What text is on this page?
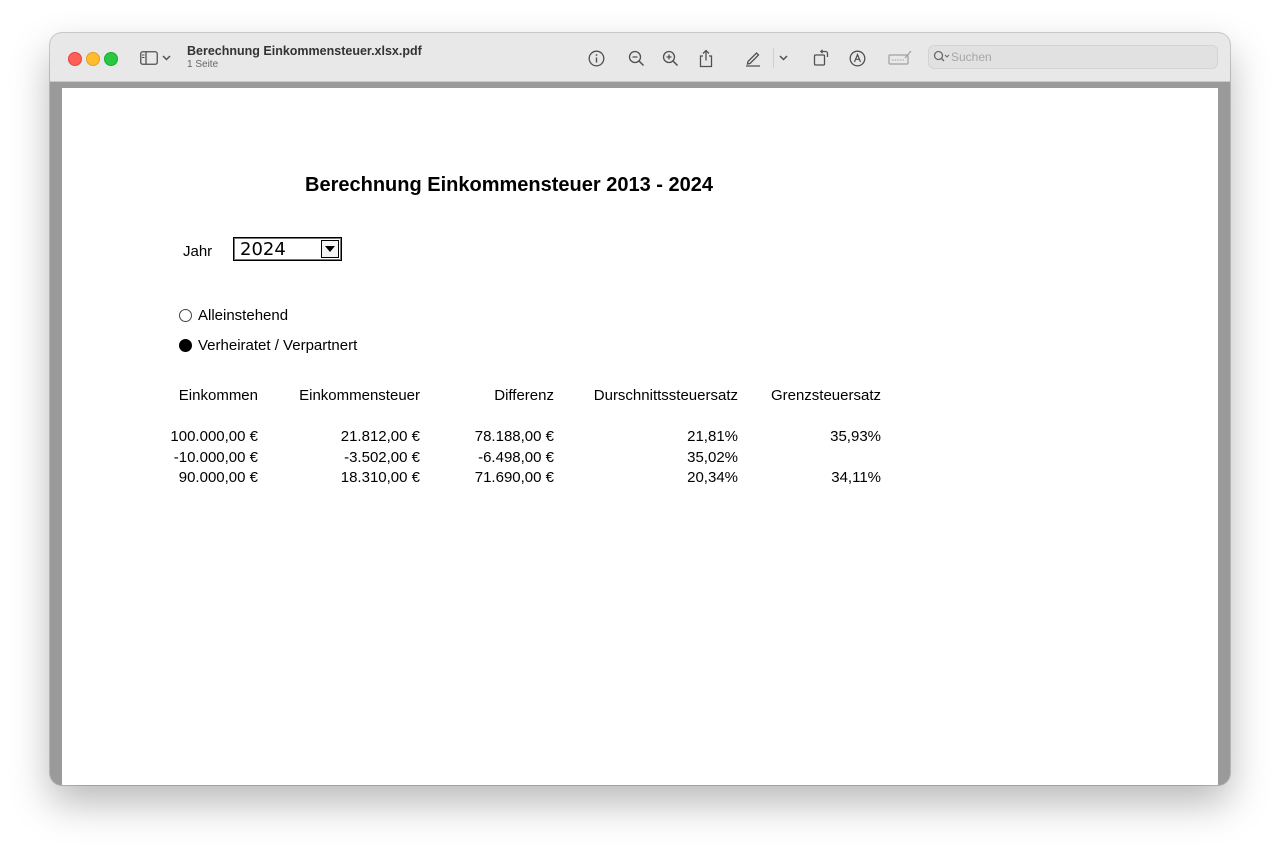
Berechnung Einkommensteuer.xlsx.pdf
1 Seite
Suchen
Berechnung Einkommensteuer 2013 - 2024
Jahr 2024
Alleinstehend
Verheiratet / Verpartnert
Einkommen	Einkommensteuer	Differenz	Durschnittssteuersatz Grenzsteuersatz
100.000,00 €	21.812,00 €	78.188,00 €	21,81%	35,93%
-10.000,00 €	-3.502,00 €	-6.498,00 €	35,02%
90.000,00 €	18.310,00 €	71.690,00 €	20,34%	34,11%
